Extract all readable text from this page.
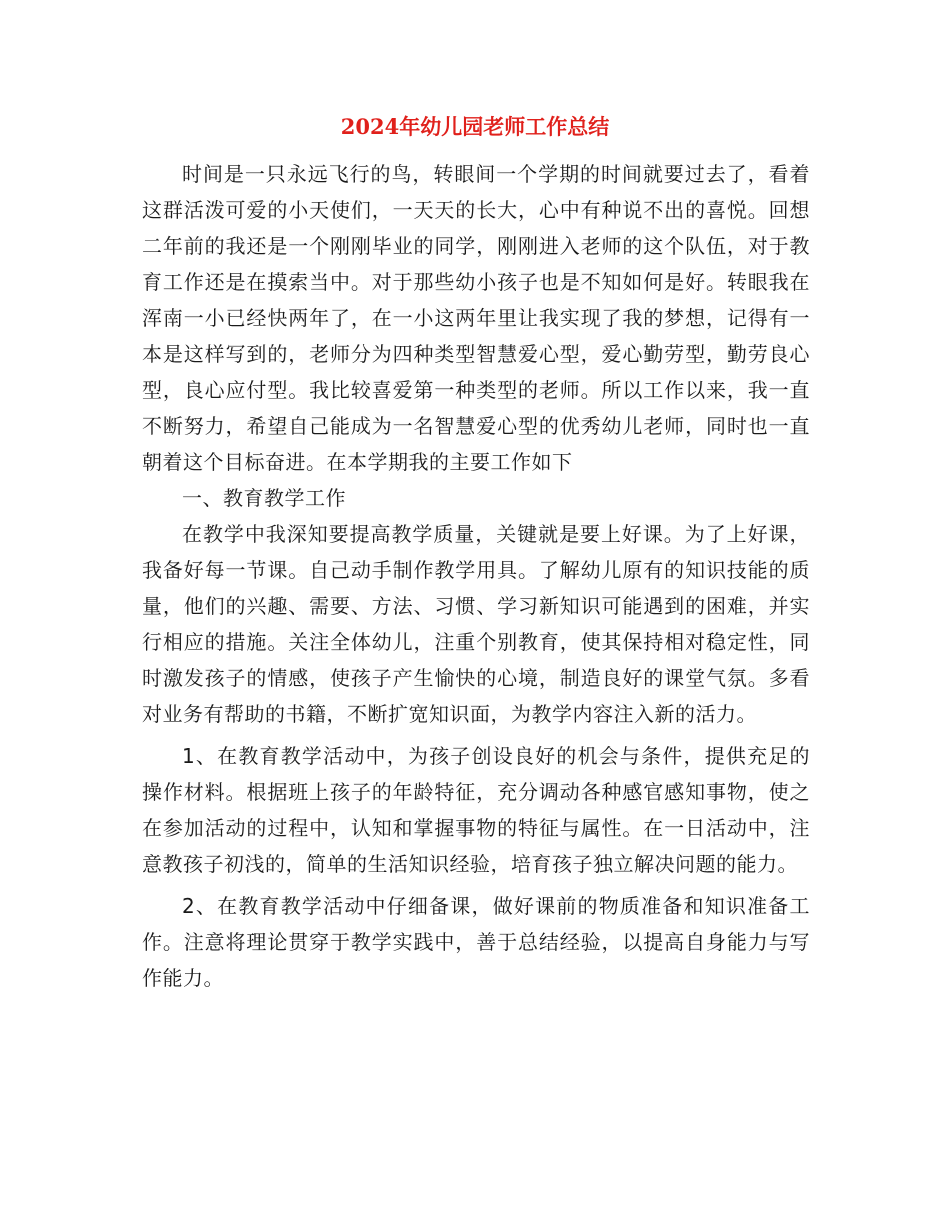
2024年幼儿园老师工作总结

时间是一只永远飞行的鸟，转眼间一个学期的时间就要过去了，看着这群活泼可爱的小天使们，一天天的长大，心中有种说不出的喜悦。回想二年前的我还是一个刚刚毕业的同学，刚刚进入老师的这个队伍，对于教育工作还是在摸索当中。对于那些幼小孩子也是不知如何是好。转眼我在浑南一小已经快两年了，在一小这两年里让我实现了我的梦想，记得有一本是这样写到的，老师分为四种类型智慧爱心型，爱心勤劳型，勤劳良心型，良心应付型。我比较喜爱第一种类型的老师。所以工作以来，我一直不断努力，希望自己能成为一名智慧爱心型的优秀幼儿老师，同时也一直朝着这个目标奋进。在本学期我的主要工作如下

一、教育教学工作

在教学中我深知要提高教学质量，关键就是要上好课。为了上好课，我备好每一节课。自己动手制作教学用具。了解幼儿原有的知识技能的质量，他们的兴趣、需要、方法、习惯、学习新知识可能遇到的困难，并实行相应的措施。关注全体幼儿，注重个别教育，使其保持相对稳定性，同时激发孩子的情感，使孩子产生愉快的心境，制造良好的课堂气氛。多看对业务有帮助的书籍，不断扩宽知识面，为教学内容注入新的活力。

1、在教育教学活动中，为孩子创设良好的机会与条件，提供充足的操作材料。根据班上孩子的年龄特征，充分调动各种感官感知事物，使之在参加活动的过程中，认知和掌握事物的特征与属性。在一日活动中，注意教孩子初浅的，简单的生活知识经验，培育孩子独立解决问题的能力。

2、在教育教学活动中仔细备课，做好课前的物质准备和知识准备工作。注意将理论贯穿于教学实践中，善于总结经验，以提高自身能力与写作能力。
